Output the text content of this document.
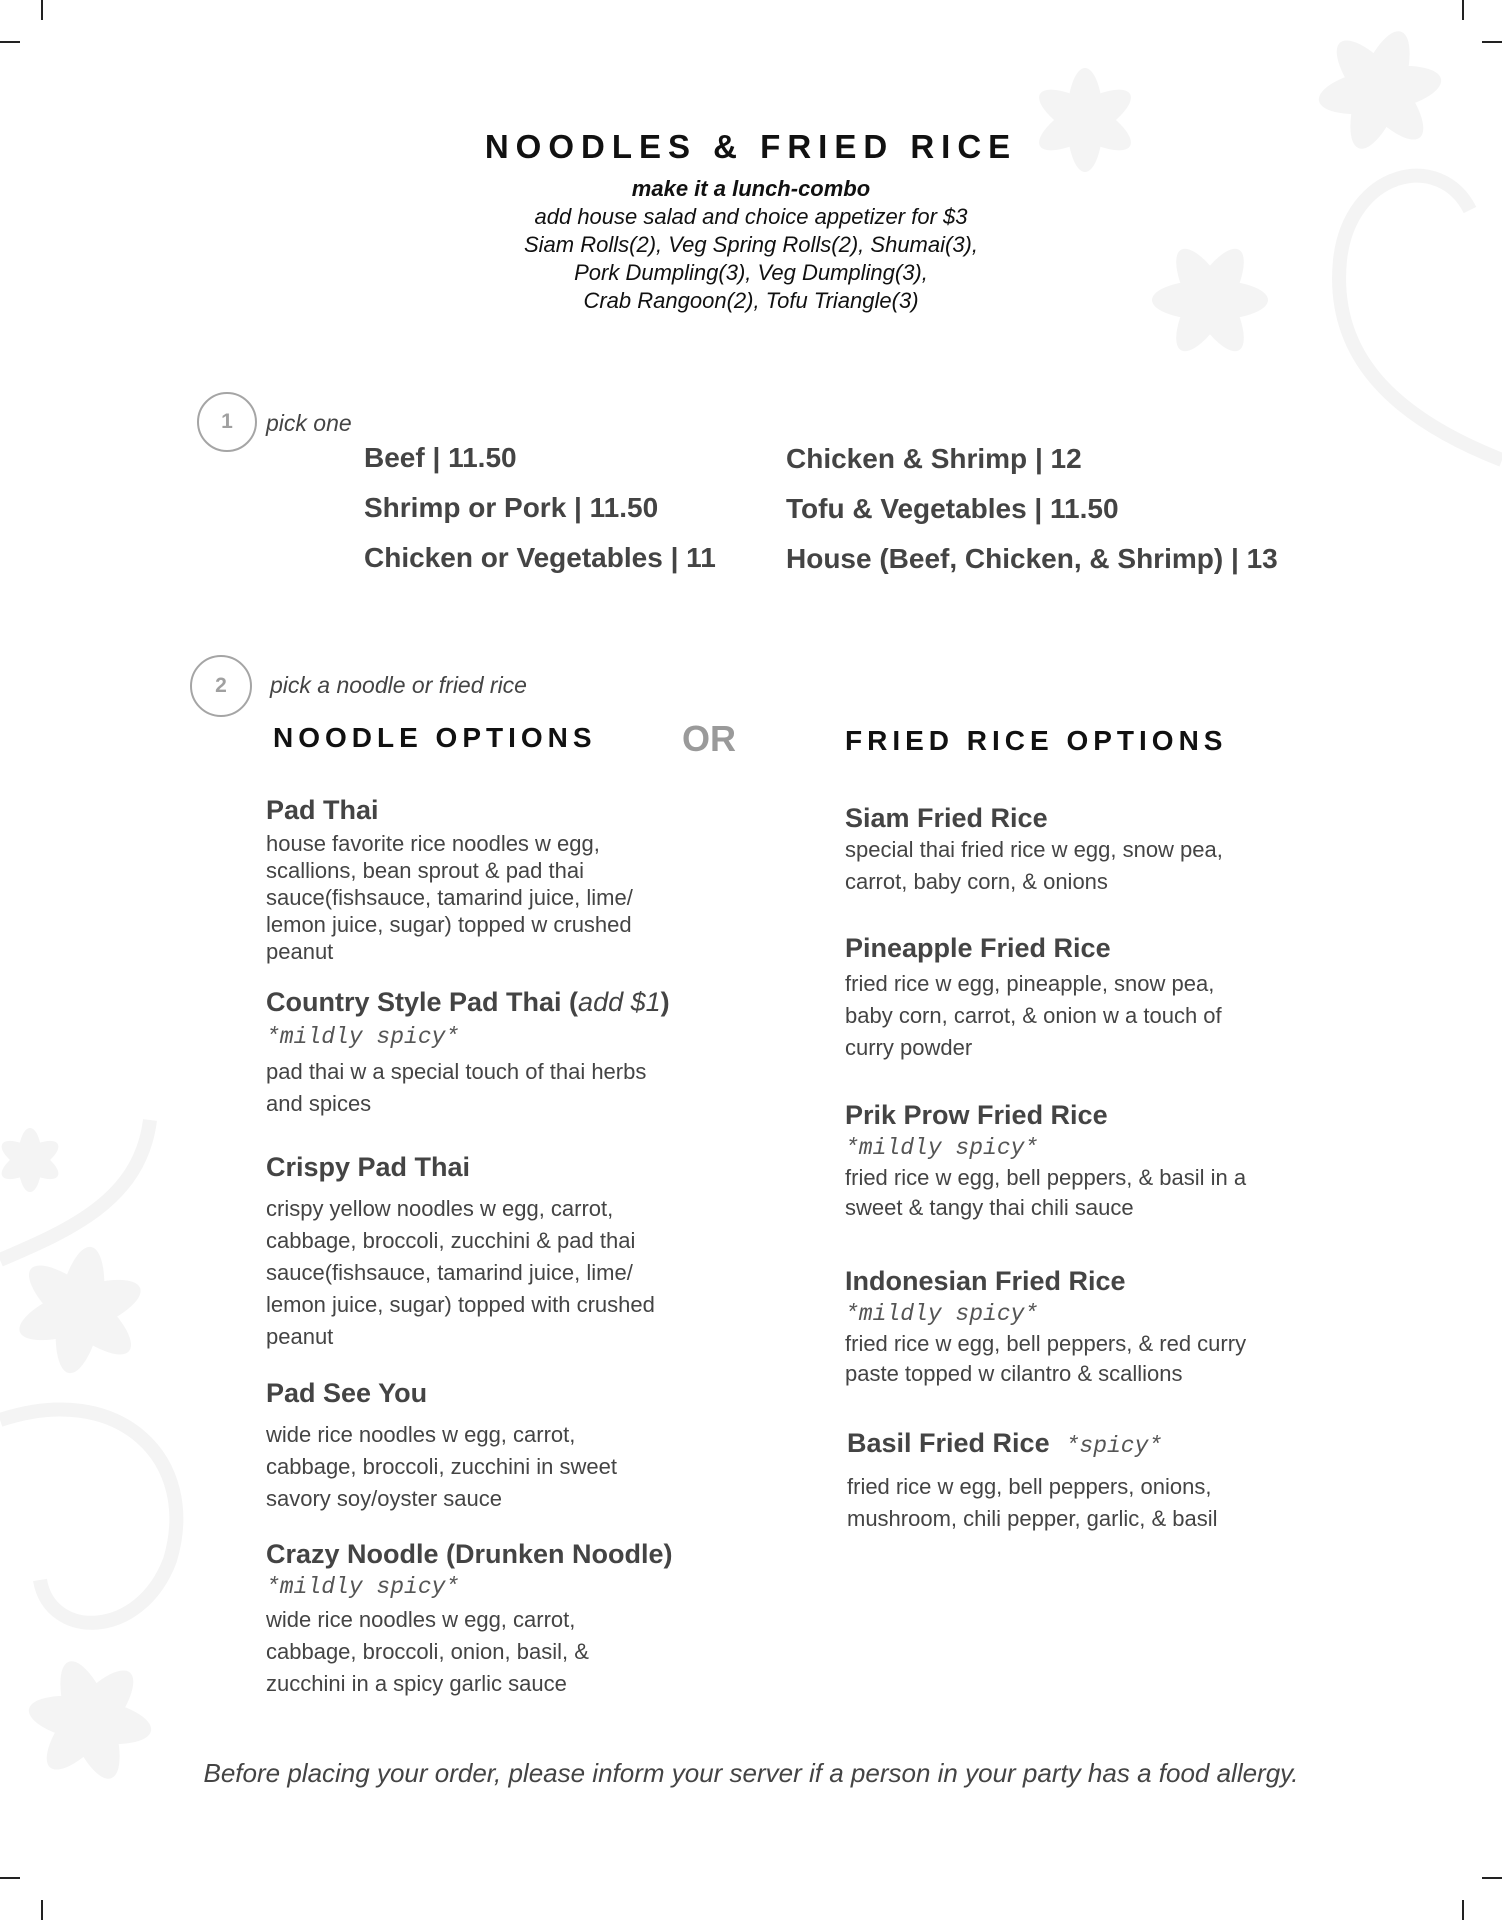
NOODLES & FRIED RICE
make it a lunch-combo
add house salad and choice appetizer for $3
Siam Rolls(2), Veg Spring Rolls(2), Shumai(3),
Pork Dumpling(3), Veg Dumpling(3),
Crab Rangoon(2), Tofu Triangle(3)
1 pick one
Beef | 11.50
Shrimp or Pork | 11.50
Chicken or Vegetables | 11
Chicken & Shrimp | 12
Tofu & Vegetables | 11.50
House (Beef, Chicken, & Shrimp) | 13
2 pick a noodle or fried rice
NOODLE OPTIONS OR	FRIED RICE OPTIONS
Pad Thai
house favorite rice noodles w egg, scallions, bean sprout & pad thai sauce(fishsauce, tamarind juice, lime/ lemon juice, sugar) topped w crushed peanut
Country Style Pad Thai (add $1)
*mildly spicy*
pad thai w a special touch of thai herbs and spices
Crispy Pad Thai
crispy yellow noodles w egg, carrot, cabbage, broccoli, zucchini & pad thai sauce(fishsauce, tamarind juice, lime/ lemon juice, sugar) topped with crushed peanut
Pad See You
wide rice noodles w egg, carrot, cabbage, broccoli, zucchini in sweet savory soy/oyster sauce
Crazy Noodle (Drunken Noodle)
*mildly spicy*
wide rice noodles w egg, carrot, cabbage, broccoli, onion, basil, & zucchini in a spicy garlic sauce
Siam Fried Rice
special thai fried rice w egg, snow pea, carrot, baby corn, & onions
Pineapple Fried Rice
fried rice w egg, pineapple, snow pea, baby corn, carrot, & onion w a touch of curry powder
Prik Prow Fried Rice
*mildly spicy*
fried rice w egg, bell peppers, & basil in a sweet & tangy thai chili sauce
Indonesian Fried Rice
*mildly spicy*
fried rice w egg, bell peppers, & red curry paste topped w cilantro & scallions
Basil Fried Rice *spicy*
fried rice w egg, bell peppers, onions, mushroom, chili pepper, garlic, & basil
Before placing your order, please inform your server if a person in your party has a food allergy.
